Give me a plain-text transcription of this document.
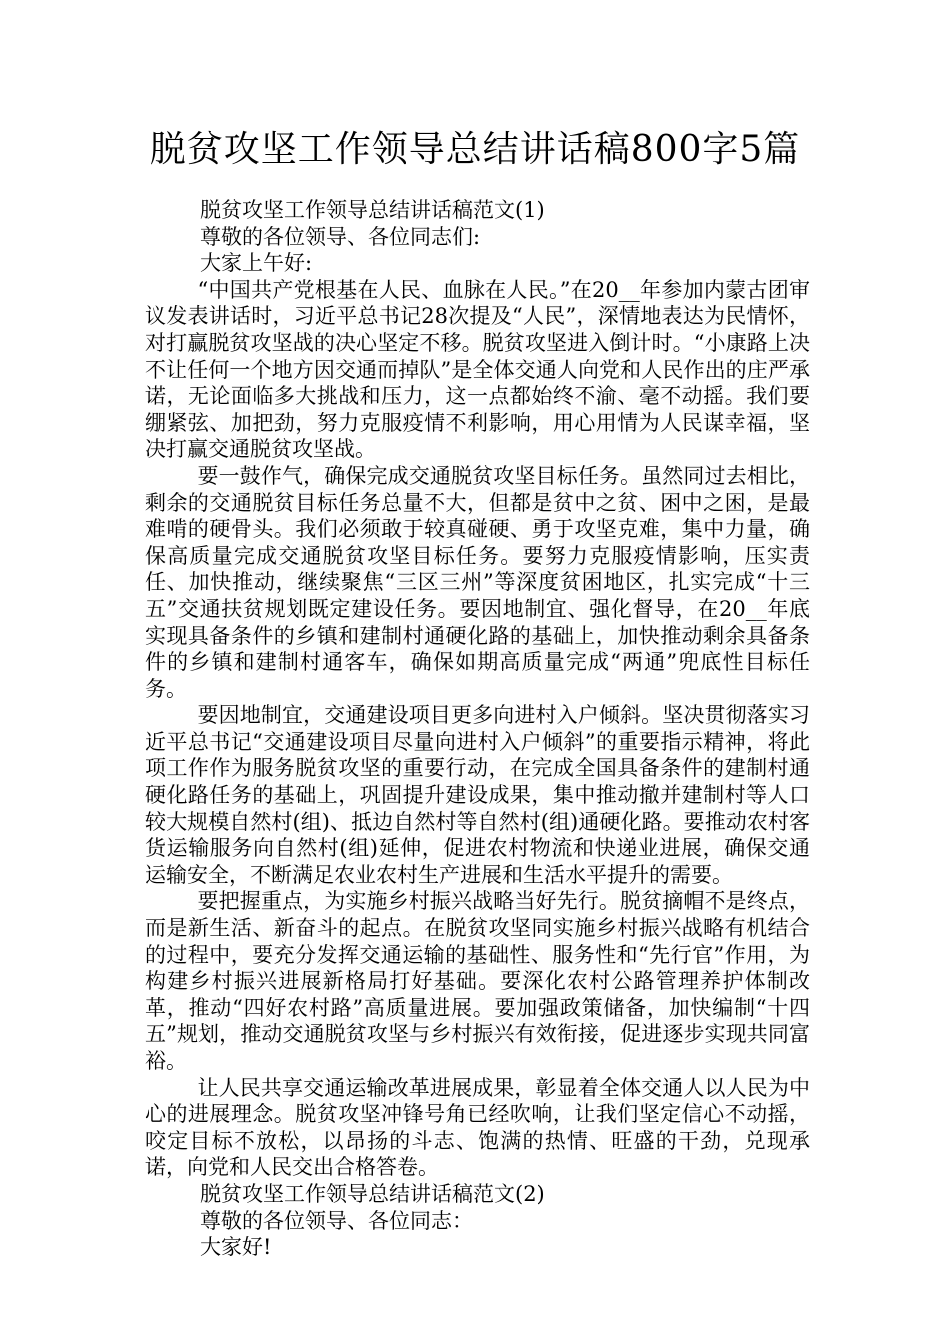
脱贫攻坚工作领导总结讲话稿800字5篇

脱贫攻坚工作领导总结讲话稿范文(1)

尊敬的各位领导、各位同志们:

大家上午好:

“中国共产党根基在人民、血脉在人民。”在20__年参加内蒙古团审议发表讲话时，习近平总书记28次提及“人民”，深情地表达为民情怀，对打赢脱贫攻坚战的决心坚定不移。脱贫攻坚进入倒计时。“小康路上决不让任何一个地方因交通而掉队”是全体交通人向党和人民作出的庄严承诺，无论面临多大挑战和压力，这一点都始终不渝、毫不动摇。我们要绷紧弦、加把劲，努力克服疫情不利影响，用心用情为人民谋幸福，坚决打赢交通脱贫攻坚战。

要一鼓作气，确保完成交通脱贫攻坚目标任务。虽然同过去相比，剩余的交通脱贫目标任务总量不大，但都是贫中之贫、困中之困，是最难啃的硬骨头。我们必须敢于较真碰硬、勇于攻坚克难，集中力量，确保高质量完成交通脱贫攻坚目标任务。要努力克服疫情影响，压实责任、加快推动，继续聚焦“三区三州”等深度贫困地区，扎实完成“十三五”交通扶贫规划既定建设任务。要因地制宜、强化督导，在20__年底实现具备条件的乡镇和建制村通硬化路的基础上，加快推动剩余具备条件的乡镇和建制村通客车，确保如期高质量完成“两通”兜底性目标任务。

要因地制宜，交通建设项目更多向进村入户倾斜。坚决贯彻落实习近平总书记“交通建设项目尽量向进村入户倾斜”的重要指示精神，将此项工作作为服务脱贫攻坚的重要行动，在完成全国具备条件的建制村通硬化路任务的基础上，巩固提升建设成果，集中推动撤并建制村等人口较大规模自然村(组)、抵边自然村等自然村(组)通硬化路。要推动农村客货运输服务向自然村(组)延伸，促进农村物流和快递业进展，确保交通运输安全，不断满足农业农村生产进展和生活水平提升的需要。

要把握重点，为实施乡村振兴战略当好先行。脱贫摘帽不是终点，而是新生活、新奋斗的起点。在脱贫攻坚同实施乡村振兴战略有机结合的过程中，要充分发挥交通运输的基础性、服务性和“先行官”作用，为构建乡村振兴进展新格局打好基础。要深化农村公路管理养护体制改革，推动“四好农村路”高质量进展。要加强政策储备，加快编制“十四五”规划，推动交通脱贫攻坚与乡村振兴有效衔接，促进逐步实现共同富裕。

让人民共享交通运输改革进展成果，彰显着全体交通人以人民为中心的进展理念。脱贫攻坚冲锋号角已经吹响，让我们坚定信心不动摇，咬定目标不放松，以昂扬的斗志、饱满的热情、旺盛的干劲，兑现承诺，向党和人民交出合格答卷。

脱贫攻坚工作领导总结讲话稿范文(2)

尊敬的各位领导、各位同志：

大家好!
